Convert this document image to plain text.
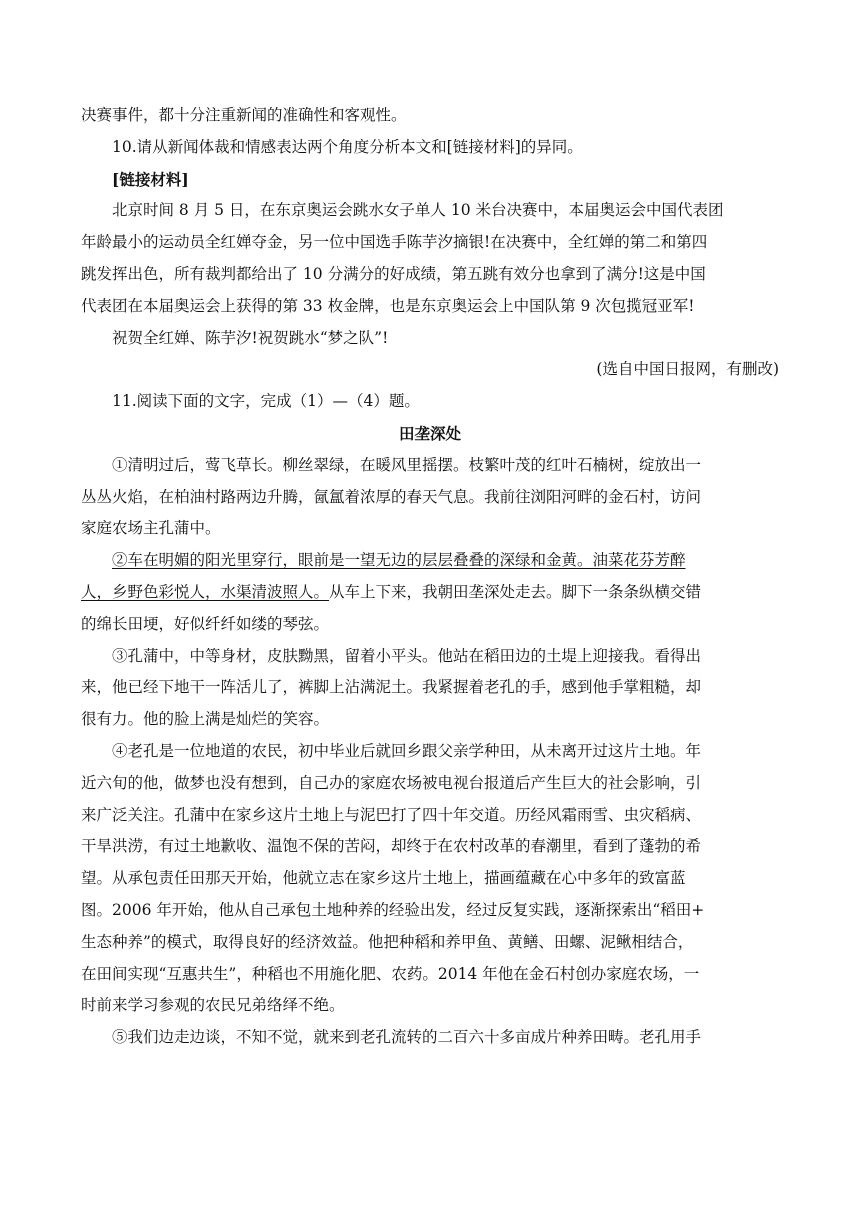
决赛事件，都十分注重新闻的准确性和客观性。
10.请从新闻体裁和情感表达两个角度分析本文和[链接材料]的异同。
[链接材料]
北京时间 8 月 5 日，在东京奥运会跳水女子单人 10 米台决赛中，本届奥运会中国代表团
年龄最小的运动员全红婵夺金，另一位中国选手陈芋汐摘银!在决赛中，全红婵的第二和第四
跳发挥出色，所有裁判都给出了 10 分满分的好成绩，第五跳有效分也拿到了满分!这是中国
代表团在本届奥运会上获得的第 33 枚金牌，也是东京奥运会上中国队第 9 次包揽冠亚军!
祝贺全红婵、陈芋汐!祝贺跳水“梦之队”!
(选自中国日报网，有删改)
11.阅读下面的文字，完成（1）—（4）题。
田垄深处
①清明过后，莺飞草长。柳丝翠绿，在暖风里摇摆。枝繁叶茂的红叶石楠树，绽放出一
丛丛火焰，在柏油村路两边升腾，氤氲着浓厚的春天气息。我前往浏阳河畔的金石村，访问
家庭农场主孔蒲中。
②车在明媚的阳光里穿行，眼前是一望无边的层层叠叠的深绿和金黄。油菜花芬芳醉
人，乡野色彩悦人，水渠清波照人。从车上下来，我朝田垄深处走去。脚下一条条纵横交错
的绵长田埂，好似纤纤如缕的琴弦。
③孔蒲中，中等身材，皮肤黝黑，留着小平头。他站在稻田边的土堤上迎接我。看得出
来，他已经下地干一阵活儿了，裤脚上沾满泥土。我紧握着老孔的手，感到他手掌粗糙，却
很有力。他的脸上满是灿烂的笑容。
④老孔是一位地道的农民，初中毕业后就回乡跟父亲学种田，从未离开过这片土地。年
近六旬的他，做梦也没有想到，自己办的家庭农场被电视台报道后产生巨大的社会影响，引
来广泛关注。孔蒲中在家乡这片土地上与泥巴打了四十年交道。历经风霜雨雪、虫灾稻病、
干旱洪涝，有过土地歉收、温饱不保的苦闷，却终于在农村改革的春潮里，看到了蓬勃的希
望。从承包责任田那天开始，他就立志在家乡这片土地上，描画蕴藏在心中多年的致富蓝
图。2006 年开始，他从自己承包土地种养的经验出发，经过反复实践，逐渐探索出“稻田+
生态种养”的模式，取得良好的经济效益。他把种稻和养甲鱼、黄鳝、田螺、泥鳅相结合，
在田间实现“互惠共生”，种稻也不用施化肥、农药。2014 年他在金石村创办家庭农场，一
时前来学习参观的农民兄弟络绎不绝。
⑤我们边走边谈，不知不觉，就来到老孔流转的二百六十多亩成片种养田畴。老孔用手
